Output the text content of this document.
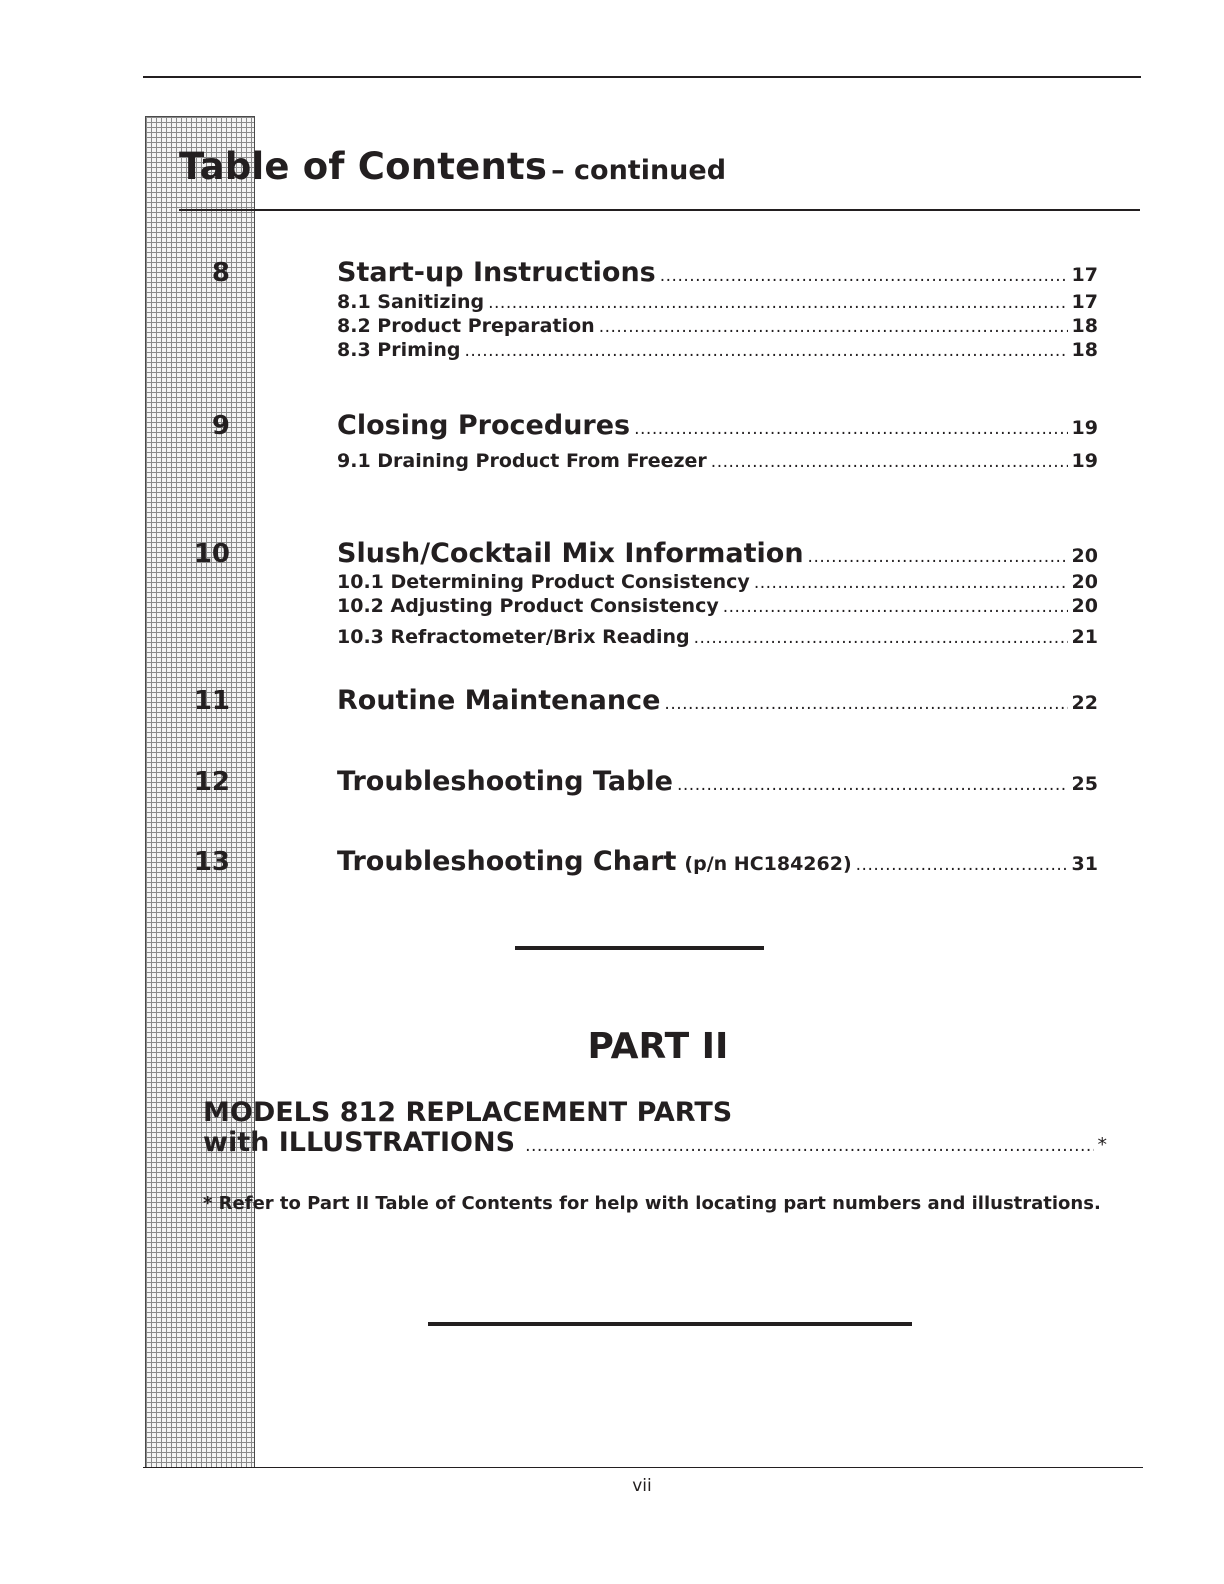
Table of Contents – continued
8	Start-up Instructions .....	17
8.1 Sanitizing .....	17
8.2 Product Preparation .....	18
8.3 Priming .....	18
9	Closing Procedures .....	19
9.1 Draining Product From Freezer .....	19
10	Slush/Cocktail Mix Information .....	20
10.1 Determining Product Consistency .....	20
10.2 Adjusting Product Consistency .....	20
10.3 Refractometer/Brix Reading .....	21
11	Routine Maintenance .....	22
12	Troubleshooting Table .....	25
13	Troubleshooting Chart (p/n HC184262) .....	31
PART II
MODELS 812 REPLACEMENT PARTS
with ILLUSTRATIONS .....	*
* Refer to Part II Table of Contents for help with locating part numbers and illustrations.
vii
